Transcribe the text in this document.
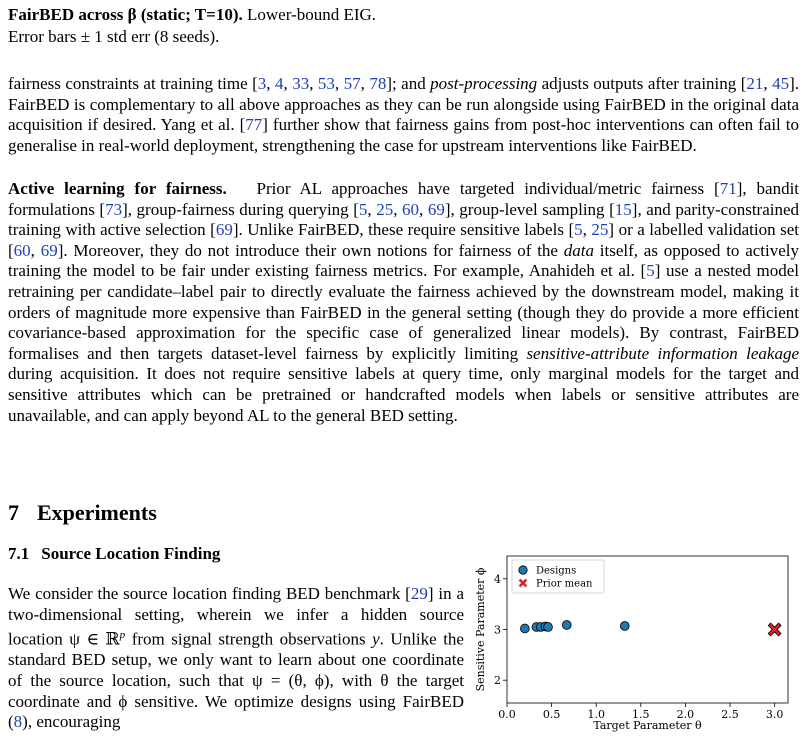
FairBED across β (static; T=10). Lower-bound EIG. Error bars ± 1 std err (8 seeds).

fairness constraints at training time [3, 4, 33, 53, 57, 78]; and post-processing adjusts outputs after training [21, 45]. FairBED is complementary to all above approaches as they can be run alongside using FairBED in the original data acquisition if desired. Yang et al. [77] further show that fairness gains from post-hoc interventions can often fail to generalise in real-world deployment, strengthening the case for upstream interventions like FairBED.

Active learning for fairness. Prior AL approaches have targeted individual/metric fairness [71], bandit formulations [73], group-fairness during querying [5, 25, 60, 69], group-level sampling [15], and parity-constrained training with active selection [69]. Unlike FairBED, these require sensitive labels [5, 25] or a labelled validation set [60, 69]. Moreover, they do not introduce their own notions for fairness of the data itself, as opposed to actively training the model to be fair under existing fairness metrics. For example, Anahideh et al. [5] use a nested model retraining per candidate–label pair to directly evaluate the fairness achieved by the downstream model, making it orders of magnitude more expensive than FairBED in the general setting (though they do provide a more efficient covariance-based approximation for the specific case of generalized linear models). By contrast, FairBED formalises and then targets dataset-level fairness by explicitly limiting sensitive-attribute information leakage during acquisition. It does not require sensitive labels at query time, only marginal models for the target and sensitive attributes which can be pretrained or handcrafted models when labels or sensitive attributes are unavailable, and can apply beyond AL to the general BED setting.

7 Experiments
7.1 Source Location Finding

We consider the source location finding BED benchmark [29] in a two-dimensional setting, wherein we infer a hidden source location ψ ∈ ℝ$^p$ from signal strength observations y. Unlike the standard BED setup, we only want to learn about one coordinate of the source location, such that ψ = (θ, ϕ), with θ the target coordinate and ϕ sensitive. We optimize designs using FairBED (8), encouraging	0.0 0.5 1.0 1.5 2.0 2.5 3.0
2
3
4
Target Parameter θ
Sensitive Parameter ϕ	Designs
Prior mean
